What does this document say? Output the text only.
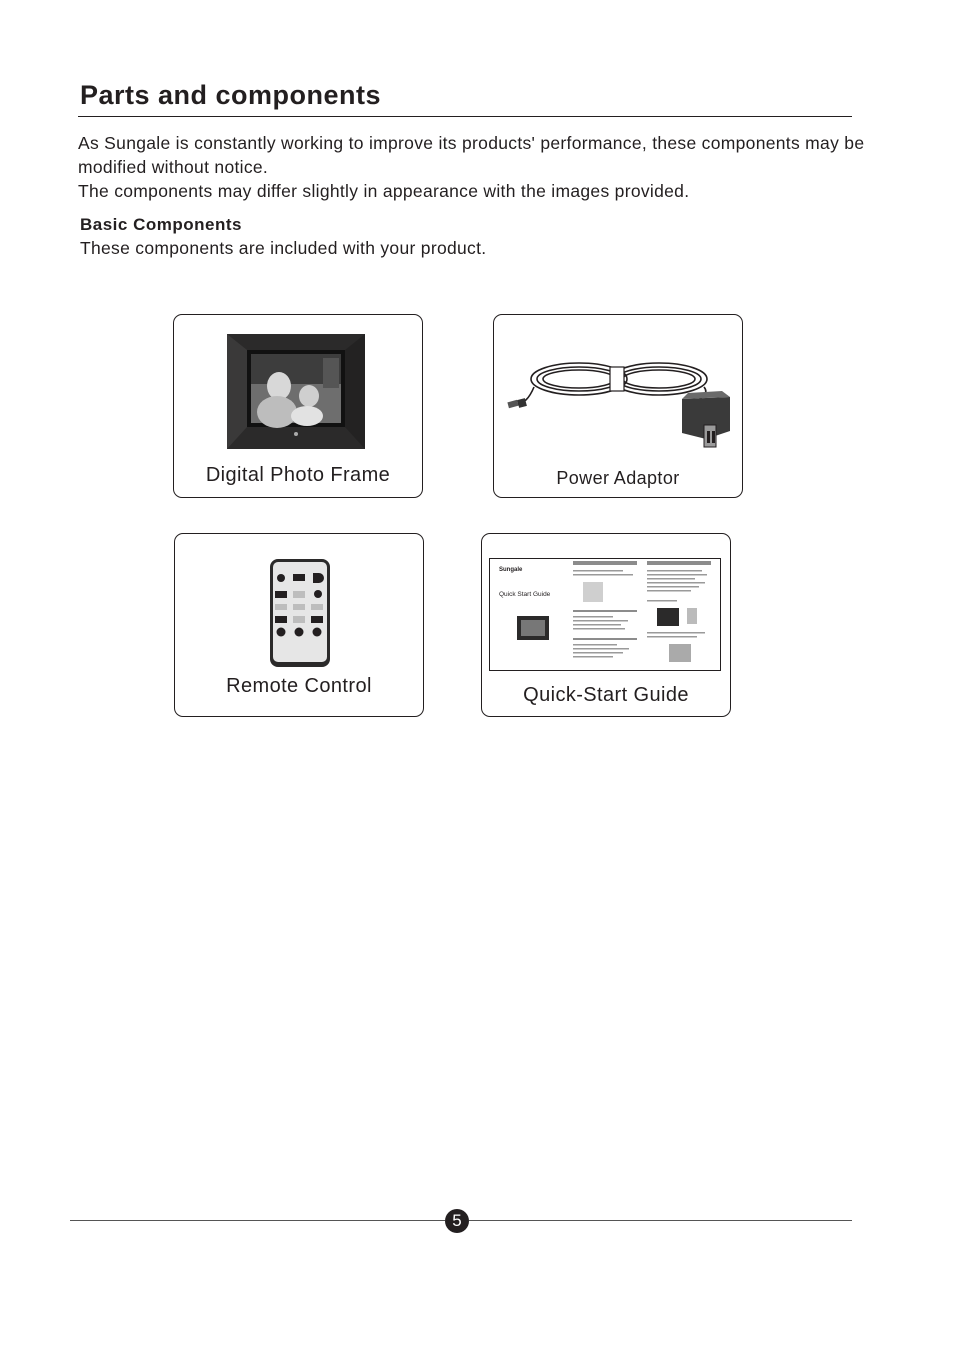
Parts and components

As Sungale is constantly working to improve its products' performance, these components may be modified without notice.

The components may differ slightly in appearance with the images provided.

Basic Components
These components are included with your product.
Digital Photo Frame	Power Adaptor
Remote Control
Sungale
Quick Start Guide
Quick-Start Guide
5
